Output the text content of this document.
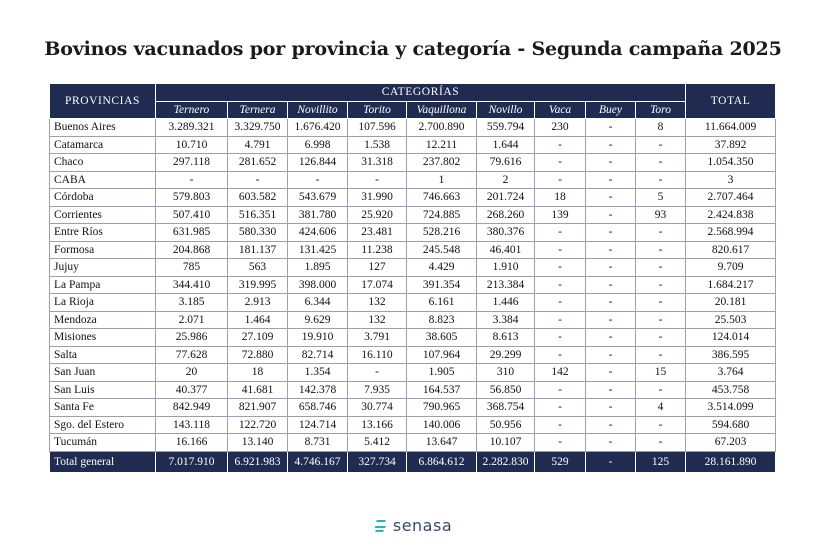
Bovinos vacunados por provincia y categoría - Segunda campaña 2025
PROVINCIAS	CATEGORÍAS									TOTAL
	Ternero	Ternera	Novillito	Torito	Vaquillona	Novillo	Vaca	Buey	Toro	
Buenos Aires	3.289.321	3.329.750	1.676.420	107.596	2.700.890	559.794	230	-	8	11.664.009
Catamarca	10.710	4.791	6.998	1.538	12.211	1.644	-	-	-	37.892
Chaco	297.118	281.652	126.844	31.318	237.802	79.616	-	-	-	1.054.350
CABA	-	-	-	-	1	2	-	-	-	3
Córdoba	579.803	603.582	543.679	31.990	746.663	201.724	18	-	5	2.707.464
Corrientes	507.410	516.351	381.780	25.920	724.885	268.260	139	-	93	2.424.838
Entre Ríos	631.985	580.330	424.606	23.481	528.216	380.376	-	-	-	2.568.994
Formosa	204.868	181.137	131.425	11.238	245.548	46.401	-	-	-	820.617
Jujuy	785	563	1.895	127	4.429	1.910	-	-	-	9.709
La Pampa	344.410	319.995	398.000	17.074	391.354	213.384	-	-	-	1.684.217
La Rioja	3.185	2.913	6.344	132	6.161	1.446	-	-	-	20.181
Mendoza	2.071	1.464	9.629	132	8.823	3.384	-	-	-	25.503
Misiones	25.986	27.109	19.910	3.791	38.605	8.613	-	-	-	124.014
Salta	77.628	72.880	82.714	16.110	107.964	29.299	-	-	-	386.595
San Juan	20	18	1.354	-	1.905	310	142	-	15	3.764
San Luis	40.377	41.681	142.378	7.935	164.537	56.850	-	-	-	453.758
Santa Fe	842.949	821.907	658.746	30.774	790.965	368.754	-	-	4	3.514.099
Sgo. del Estero	143.118	122.720	124.714	13.166	140.006	50.956	-	-	-	594.680
Tucumán	16.166	13.140	8.731	5.412	13.647	10.107	-	-	-	67.203
Total general	7.017.910	6.921.983	4.746.167	327.734	6.864.612	2.282.830	529	-	125	28.161.890
senasa
